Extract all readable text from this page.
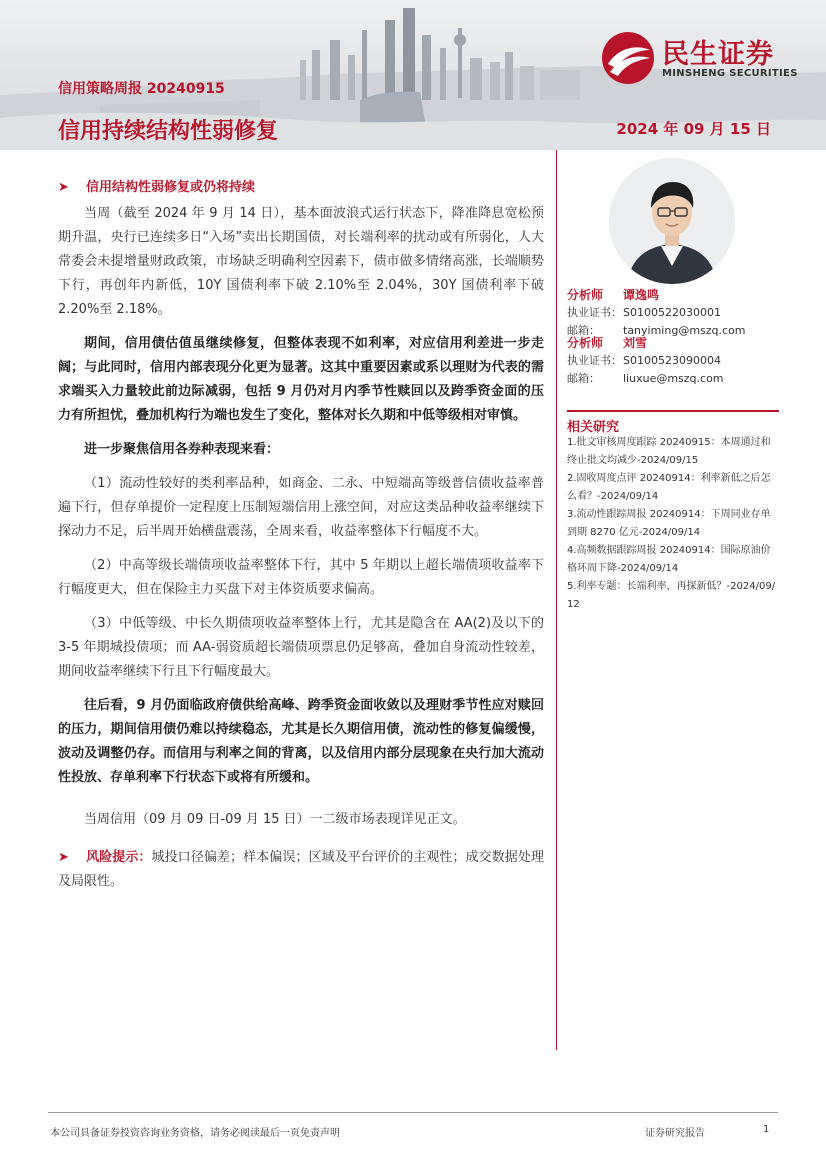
信用策略周报 20240915
信用持续结构性弱修复	2024 年 09 月 15 日
民生证券
MINSHENG SECURITIES

➤ 信用结构性弱修复或仍将持续

当周（截至 2024 年 9 月 14 日），基本面波浪式运行状态下，降准降息宽松预期升温，央行已连续多日“入场”卖出长期国债，对长端利率的扰动或有所弱化，人大常委会未提增量财政政策，市场缺乏明确利空因素下，债市做多情绪高涨，长端顺势下行，再创年内新低，10Y 国债利率下破 2.10%至 2.04%，30Y 国债利率下破 2.20%至 2.18%。

期间，信用债估值虽继续修复，但整体表现不如利率，对应信用利差进一步走阔；与此同时，信用内部表现分化更为显著。这其中重要因素或系以理财为代表的需求端买入力量较此前边际减弱，包括 9 月仍对月内季节性赎回以及跨季资金面的压力有所担忧，叠加机构行为端也发生了变化，整体对长久期和中低等级相对审慎。

进一步聚焦信用各券种表现来看：

（1）流动性较好的类利率品种，如商金、二永、中短端高等级普信债收益率普遍下行，但存单提价一定程度上压制短端信用上涨空间，对应这类品种收益率继续下探动力不足，后半周开始横盘震荡，全周来看，收益率整体下行幅度不大。

（2）中高等级长端债项收益率整体下行，其中 5 年期以上超长端债项收益率下行幅度更大，但在保险主力买盘下对主体资质要求偏高。

（3）中低等级、中长久期债项收益率整体上行，尤其是隐含在 AA(2)及以下的 3-5 年期城投债项；而 AA-弱资质超长端债项票息仍足够高，叠加自身流动性较差，期间收益率继续下行且下行幅度最大。

往后看，9 月仍面临政府债供给高峰、跨季资金面收敛以及理财季节性应对赎回的压力，期间信用债仍难以持续稳态，尤其是长久期信用债，流动性的修复偏缓慢，波动及调整仍存。而信用与利率之间的背离，以及信用内部分层现象在央行加大流动性投放、存单利率下行状态下或将有所缓和。

当周信用（09 月 09 日-09 月 15 日）一二级市场表现详见正文。

➤ 风险提示：城投口径偏差；样本偏误；区域及平台评价的主观性；成交数据处理及局限性。

分析师 谭逸鸣
执业证书：S0100522030001
邮箱： tanyiming@mszq.com
分析师 刘雪
执业证书：S0100523090004
邮箱： liuxue@mszq.com
相关研究
1.批文审核周度跟踪 20240915：本周通过和终止批文均减少-2024/09/15
2.固收周度点评 20240914：利率新低之后怎么看？-2024/09/14
3.流动性跟踪周报 20240914：下周同业存单到期 8270 亿元-2024/09/14
4.高频数据跟踪周报 20240914：国际原油价格环周下降-2024/09/14
5.利率专题：长端利率，再探新低？-2024/09/12
本公司具备证券投资咨询业务资格，请务必阅读最后一页免责声明	证券研究报告	1
